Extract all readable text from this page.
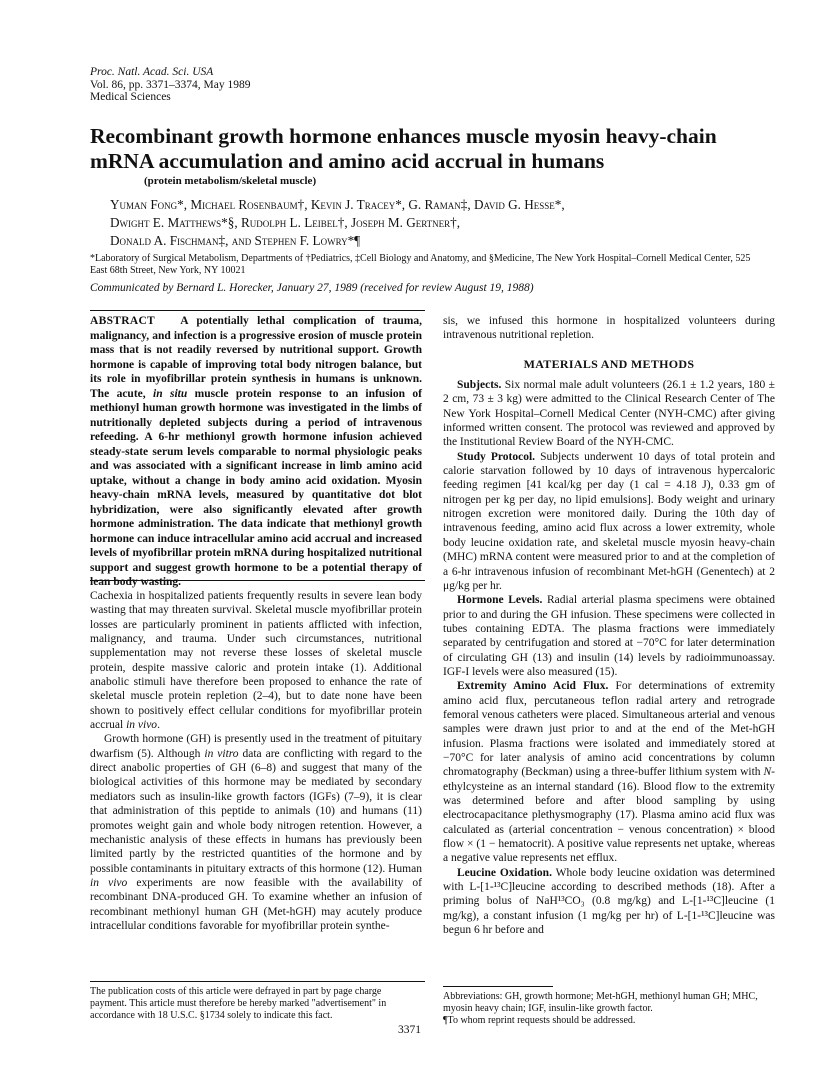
Proc. Natl. Acad. Sci. USA
Vol. 86, pp. 3371–3374, May 1989
Medical Sciences
Recombinant growth hormone enhances muscle myosin heavy-chain mRNA accumulation and amino acid accrual in humans
(protein metabolism/skeletal muscle)
Yuman Fong*, Michael Rosenbaum†, Kevin J. Tracey*, G. Raman‡, David G. Hesse*,
Dwight E. Matthews*§, Rudolph L. Leibel†, Joseph M. Gertner†,
Donald A. Fischman‡, and Stephen F. Lowry*¶
*Laboratory of Surgical Metabolism, Departments of †Pediatrics, ‡Cell Biology and Anatomy, and §Medicine, The New York Hospital–Cornell Medical Center, 525 East 68th Street, New York, NY 10021
Communicated by Bernard L. Horecker, January 27, 1989 (received for review August 19, 1988)
ABSTRACT A potentially lethal complication of trauma, malignancy, and infection is a progressive erosion of muscle protein mass that is not readily reversed by nutritional support. Growth hormone is capable of improving total body nitrogen balance, but its role in myofibrillar protein synthesis in humans is unknown. The acute, in situ muscle protein response to an infusion of methionyl human growth hormone was investigated in the limbs of nutritionally depleted subjects during a period of intravenous refeeding. A 6-hr methionyl growth hormone infusion achieved steady-state serum levels comparable to normal physiologic peaks and was associated with a significant increase in limb amino acid uptake, without a change in body amino acid oxidation. Myosin heavy-chain mRNA levels, measured by quantitative dot blot hybridization, were also significantly elevated after growth hormone administration. The data indicate that methionyl growth hormone can induce intracellular amino acid accrual and increased levels of myofibrillar protein mRNA during hospitalized nutritional support and suggest growth hormone to be a potential therapy of lean body wasting.

Cachexia in hospitalized patients frequently results in severe lean body wasting that may threaten survival. Skeletal muscle myofibrillar protein losses are particularly prominent in patients afflicted with infection, malignancy, and trauma. Under such circumstances, nutritional supplementation may not reverse these losses of skeletal muscle protein, despite massive caloric and protein intake (1). Additional anabolic stimuli have therefore been proposed to enhance the rate of skeletal muscle protein repletion (2–4), but to date none have been shown to positively effect cellular conditions for myofibrillar protein accrual in vivo.

Growth hormone (GH) is presently used in the treatment of pituitary dwarfism (5). Although in vitro data are conflicting with regard to the direct anabolic properties of GH (6–8) and suggest that many of the biological activities of this hormone may be mediated by secondary mediators such as insulin-like growth factors (IGFs) (7–9), it is clear that administration of this peptide to animals (10) and humans (11) promotes weight gain and whole body nitrogen retention. However, a mechanistic analysis of these effects in humans has previously been limited partly by the restricted quantities of the hormone and by possible contaminants in pituitary extracts of this hormone (12). Human in vivo experiments are now feasible with the availability of recombinant DNA-produced GH. To examine whether an infusion of recombinant methionyl human GH (Met-hGH) may acutely produce intracellular conditions favorable for myofibrillar protein synthe-

sis, we infused this hormone in hospitalized volunteers during intravenous nutritional repletion.

MATERIALS AND METHODS

Subjects. Six normal male adult volunteers (26.1 ± 1.2 years, 180 ± 2 cm, 73 ± 3 kg) were admitted to the Clinical Research Center of The New York Hospital–Cornell Medical Center (NYH-CMC) after giving informed written consent. The protocol was reviewed and approved by the Institutional Review Board of the NYH-CMC.

Study Protocol. Subjects underwent 10 days of total protein and calorie starvation followed by 10 days of intravenous hypercaloric feeding regimen [41 kcal/kg per day (1 cal = 4.18 J), 0.33 gm of nitrogen per kg per day, no lipid emulsions]. Body weight and urinary nitrogen excretion were monitored daily. During the 10th day of intravenous feeding, amino acid flux across a lower extremity, whole body leucine oxidation rate, and skeletal muscle myosin heavy-chain (MHC) mRNA content were measured prior to and at the completion of a 6-hr intravenous infusion of recombinant Met-hGH (Genentech) at 2 μg/kg per hr.

Hormone Levels. Radial arterial plasma specimens were obtained prior to and during the GH infusion. These specimens were collected in tubes containing EDTA. The plasma fractions were immediately separated by centrifugation and stored at −70°C for later determination of circulating GH (13) and insulin (14) levels by radioimmunoassay. IGF-I levels were also measured (15).

Extremity Amino Acid Flux. For determinations of extremity amino acid flux, percutaneous teflon radial artery and retrograde femoral venous catheters were placed. Simultaneous arterial and venous samples were drawn just prior to and at the end of the Met-hGH infusion. Plasma fractions were isolated and immediately stored at −70°C for later analysis of amino acid concentrations by column chromatography (Beckman) using a three-buffer lithium system with N-ethylcysteine as an internal standard (16). Blood flow to the extremity was determined before and after blood sampling by using electrocapacitance plethysmography (17). Plasma amino acid flux was calculated as (arterial concentration − venous concentration) × blood flow × (1 − hematocrit). A positive value represents net uptake, whereas a negative value represents net efflux.

Leucine Oxidation. Whole body leucine oxidation was determined with L-[1-¹³C]leucine according to described methods (18). After a priming bolus of NaH¹³CO₃ (0.8 mg/kg) and L-[1-¹³C]leucine (1 mg/kg), a constant infusion (1 mg/kg per hr) of L-[1-¹³C]leucine was begun 6 hr before and

The publication costs of this article were defrayed in part by page charge payment. This article must therefore be hereby marked "advertisement" in accordance with 18 U.S.C. §1734 solely to indicate this fact.
Abbreviations: GH, growth hormone; Met-hGH, methionyl human GH; MHC, myosin heavy chain; IGF, insulin-like growth factor.
¶To whom reprint requests should be addressed.
3371
